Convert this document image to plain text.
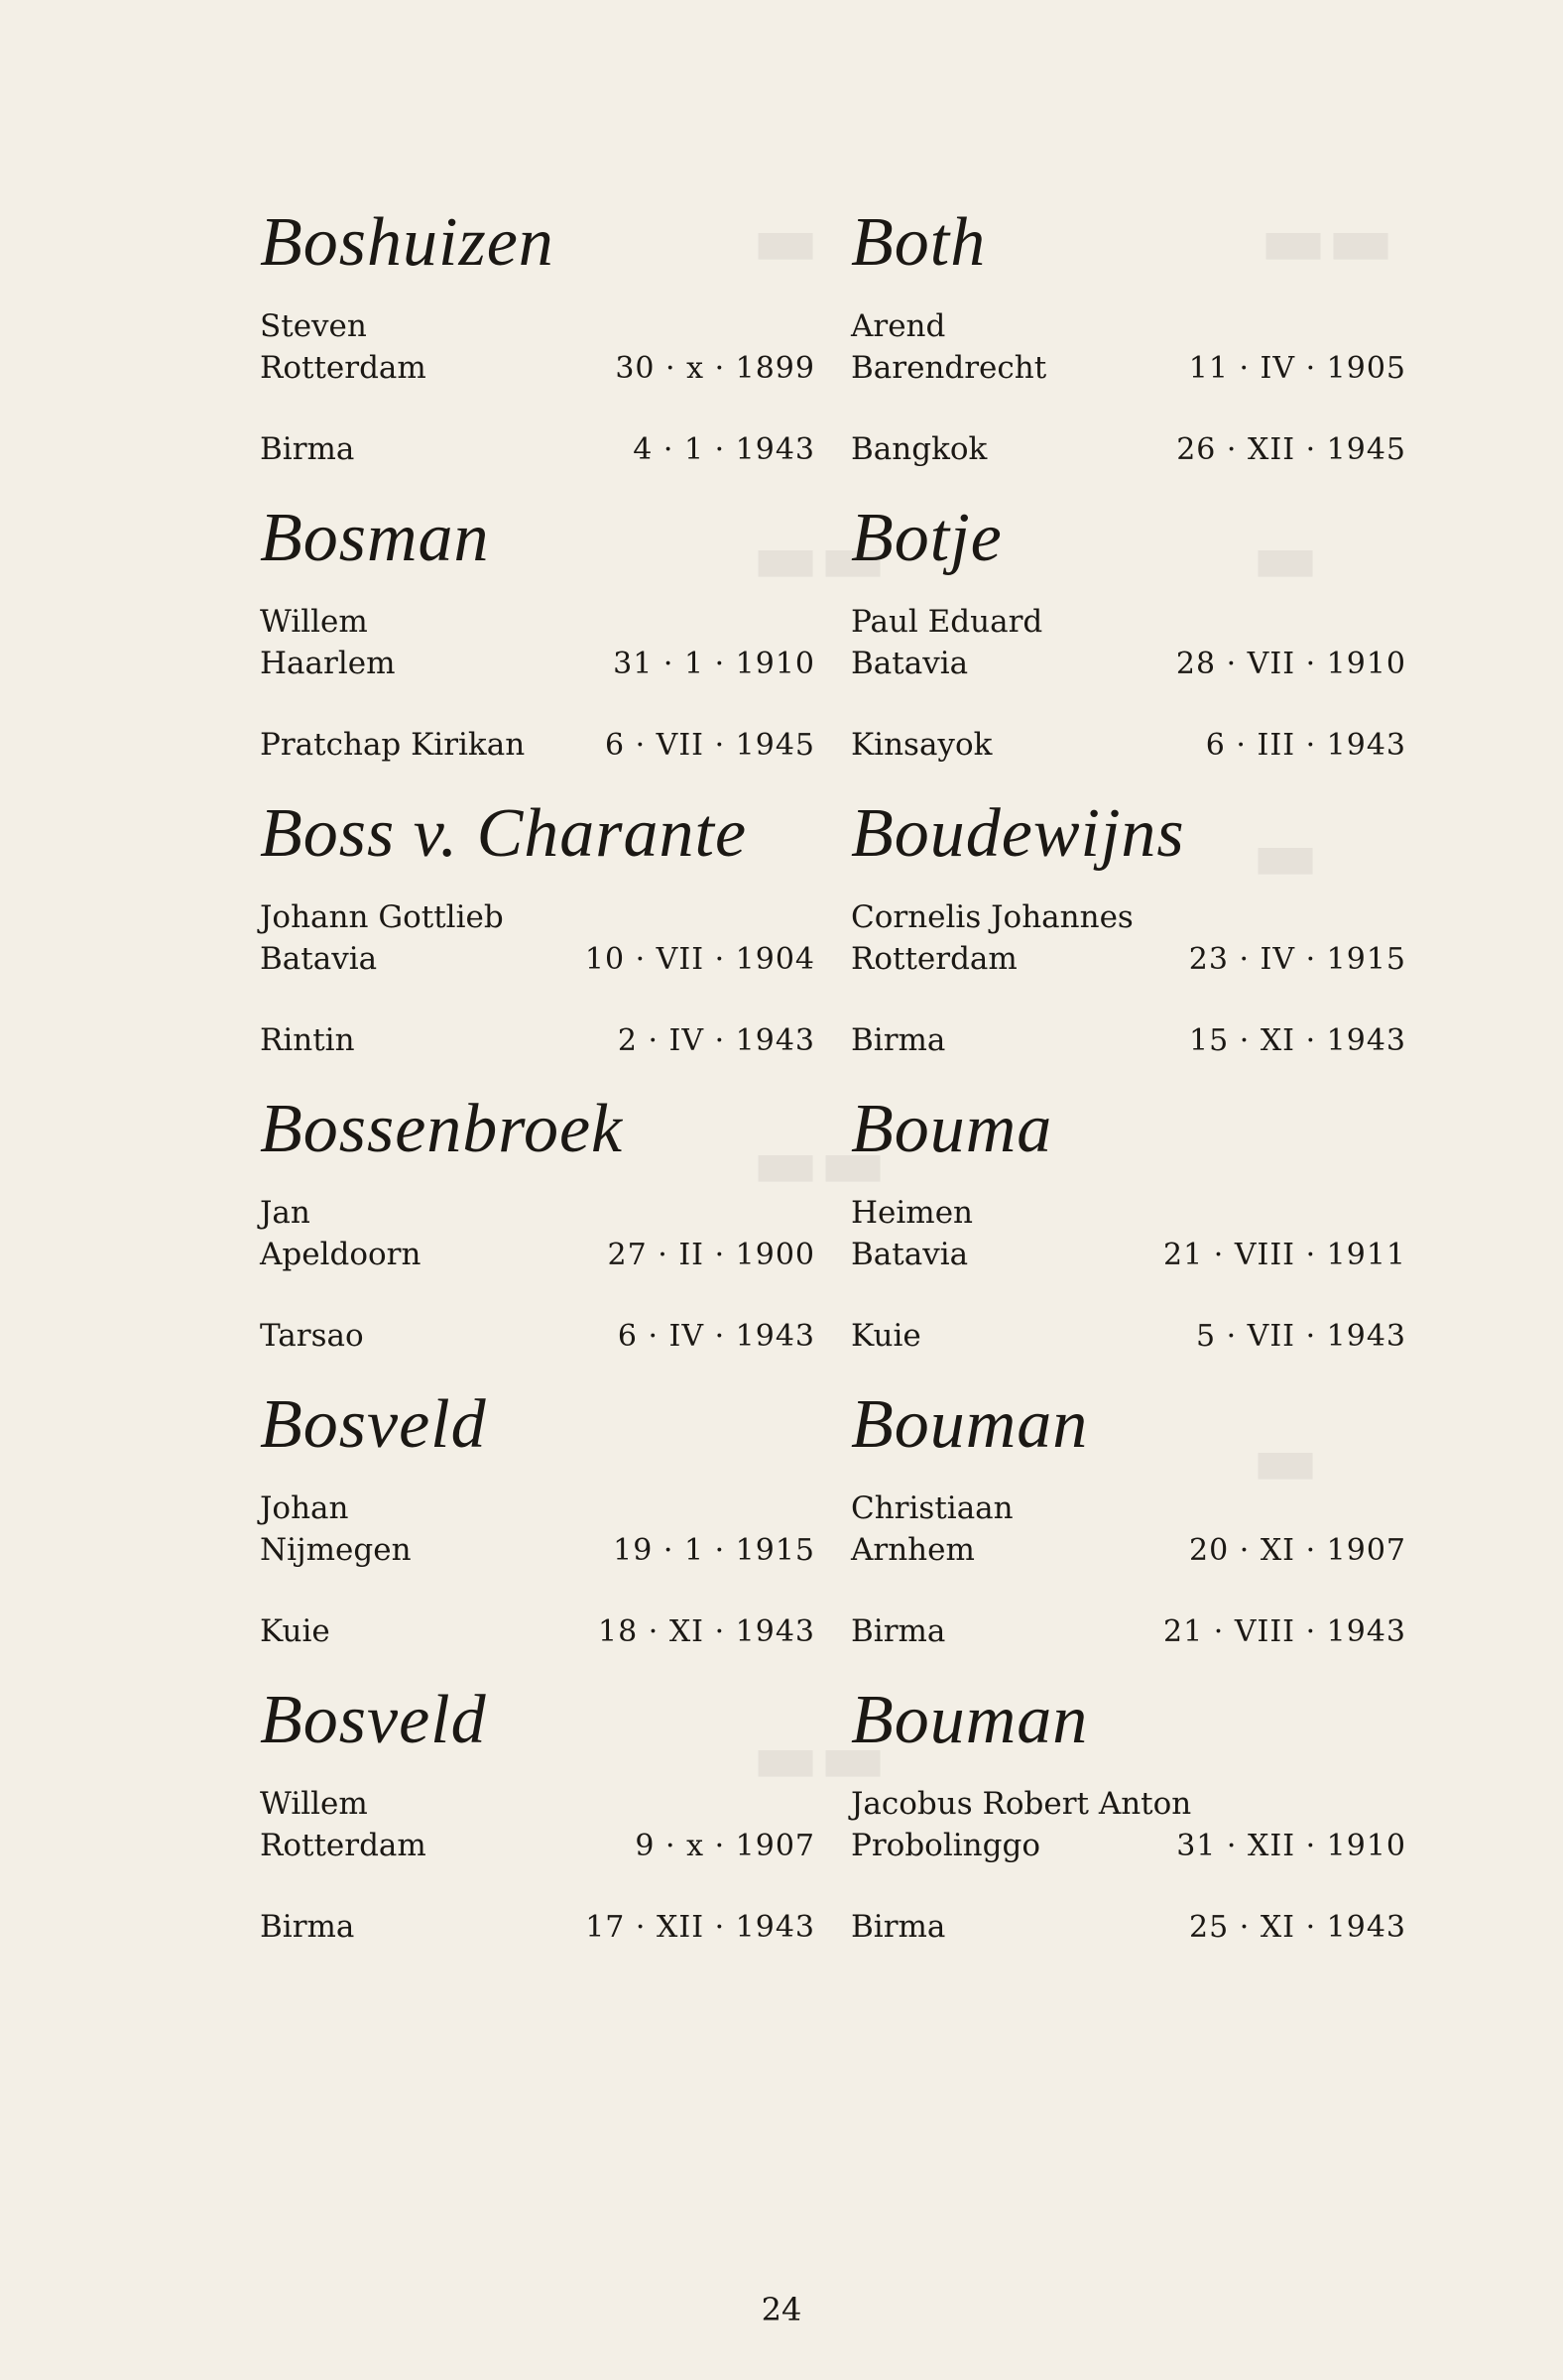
▬	▬▬
▬
▬▬
▬
▬▬
▬
▬▬
Boshuizen
Steven
Rotterdam	30 · x · 1899
Birma	4 · 1 · 1943
Bosman
Willem
Haarlem	31 · 1 · 1910
Pratchap Kirikan	6 · VII · 1945
Boss v. Charante
Johann Gottlieb
Batavia	10 · VII · 1904
Rintin	2 · IV · 1943
Bossenbroek
Jan
Apeldoorn	27 · II · 1900
Tarsao	6 · IV · 1943
Bosveld
Johan
Nijmegen	19 · 1 · 1915
Kuie	18 · XI · 1943
Bosveld
Willem
Rotterdam	9 · x · 1907
Birma	17 · XII · 1943
Both
Arend
Barendrecht	11 · IV · 1905
Bangkok	26 · XII · 1945
Botje
Paul Eduard
Batavia	28 · VII · 1910
Kinsayok	6 · III · 1943
Boudewijns
Cornelis Johannes
Rotterdam	23 · IV · 1915
Birma	15 · XI · 1943
Bouma
Heimen
Batavia	21 · VIII · 1911
Kuie	5 · VII · 1943
Bouman
Christiaan
Arnhem	20 · XI · 1907
Birma	21 · VIII · 1943
Bouman
Jacobus Robert Anton
Probolinggo	31 · XII · 1910
Birma	25 · XI · 1943
24
